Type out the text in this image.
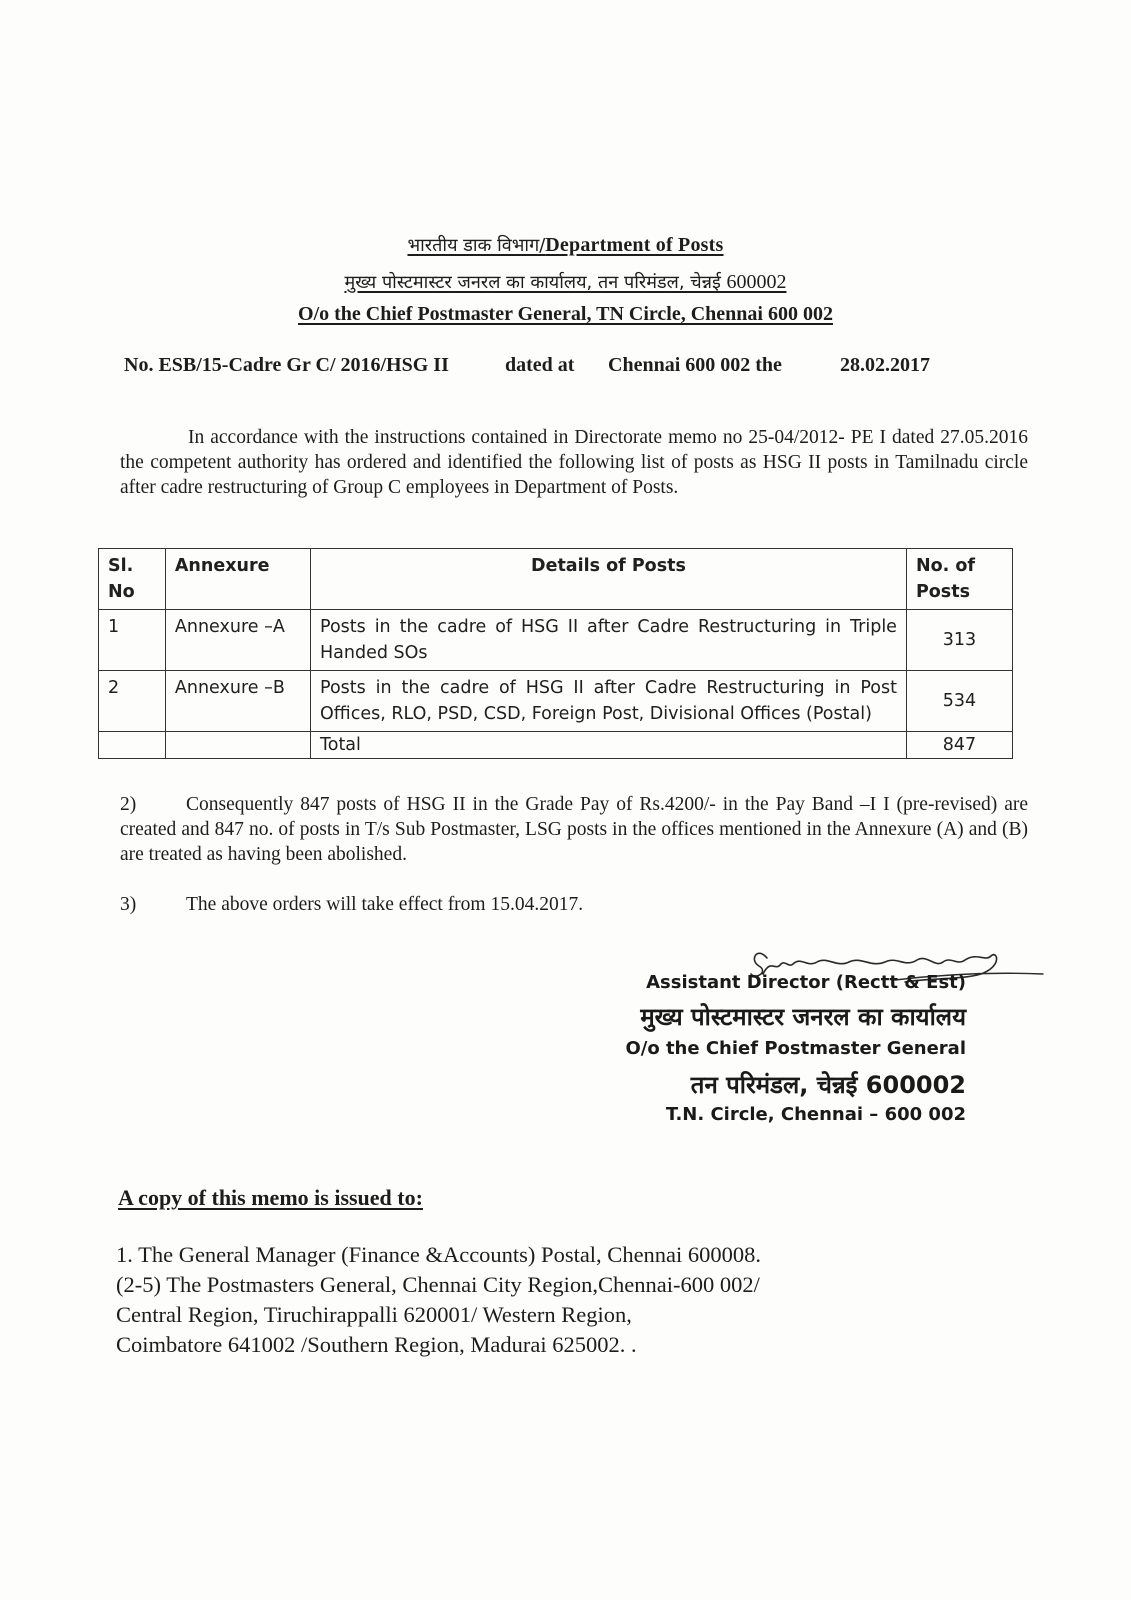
भारतीय डाक विभाग/Department of Posts
मुख्य पोस्टमास्टर जनरल का कार्यालय, तन परिमंडल, चेन्नई 600002
O/o the Chief Postmaster General, TN Circle, Chennai 600 002
No. ESB/15-Cadre Gr C/ 2016/HSG II	dated at Chennai 600 002 the	28.02.2017
In accordance with the instructions contained in Directorate memo no 25-04/2012- PE I dated 27.05.2016 the competent authority has ordered and identified the following list of posts as HSG II posts in Tamilnadu circle after cadre restructuring of Group C employees in Department of Posts.
Sl. No	Annexure	Details of Posts	No. of Posts
1	Annexure –A	Posts in the cadre of HSG II after Cadre Restructuring in Triple Handed SOs	313
2	Annexure –B	Posts in the cadre of HSG II after Cadre Restructuring in Post Offices, RLO, PSD, CSD, Foreign Post, Divisional Offices (Postal)	534
		Total	847
2)	Consequently 847 posts of HSG II in the Grade Pay of Rs.4200/- in the Pay Band –I I (pre-revised) are created and 847 no. of posts in T/s Sub Postmaster, LSG posts in the offices mentioned in the Annexure (A) and (B) are treated as having been abolished.
3)	The above orders will take effect from 15.04.2017.
Assistant Director (Rectt & Est)
मुख्य पोस्टमास्टर जनरल का कार्यालय
O/o the Chief Postmaster General
तन परिमंडल, चेन्नई 600002
T.N. Circle, Chennai – 600 002
A copy of this memo is issued to:
1. The General Manager (Finance &Accounts) Postal, Chennai 600008.
(2-5) The Postmasters General, Chennai City Region,Chennai-600 002/
Central Region, Tiruchirappalli 620001/ Western Region,
Coimbatore 641002 /Southern Region, Madurai 625002. .
